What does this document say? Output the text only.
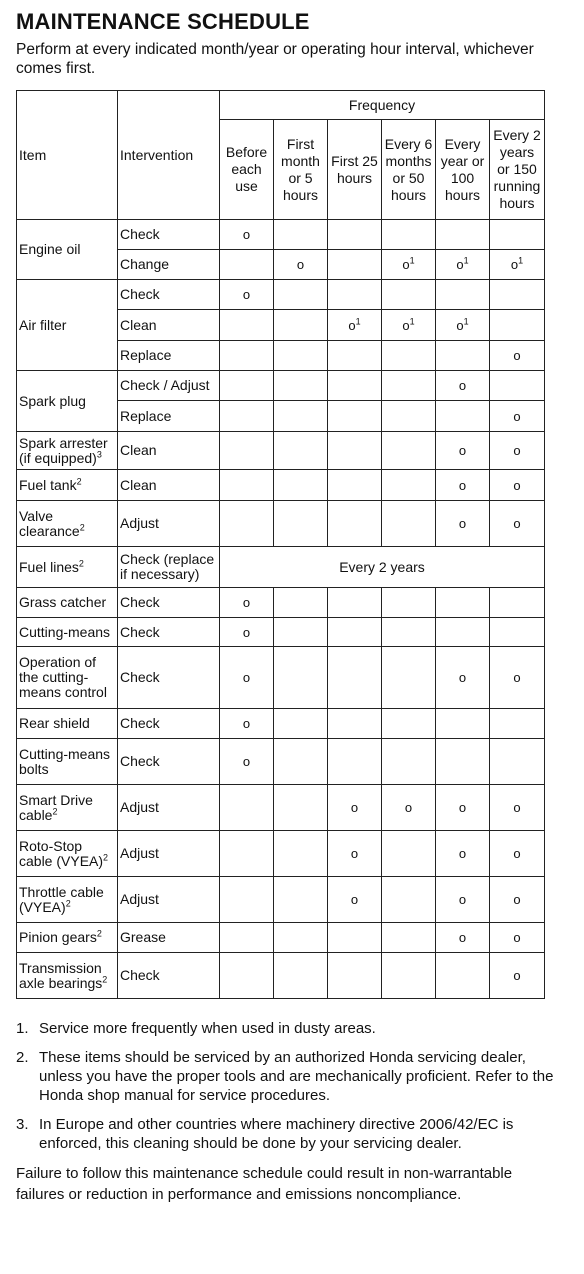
MAINTENANCE SCHEDULE

Perform at every indicated month/year or operating hour interval, whichever comes first.

Item	Intervention	Frequency					
		Before each use	First month or 5 hours	First 25 hours	Every 6 months or 50 hours	Every year or 100 hours	Every 2 years or 150 running hours
Engine oil	Check	o					
	Change		o		$o^1$	$o^1$	$o^1$
Air filter	Check	o					
	Clean			$o^1$	$o^1$	$o^1$	
	Replace						o
Spark plug	Check / Adjust					o	
	Replace						o
Spark arrester (if equipped)$^3$	Clean					o	o
Fuel tank$^2$	Clean					o	o
Valve clearance$^2$	Adjust					o	o
Fuel lines$^2$	Check (replace if necessary)	Every 2 years					
Grass catcher	Check	o					
Cutting-means	Check	o					
Operation of the cutting-means control	Check	o				o	o
Rear shield	Check	o					
Cutting-means bolts	Check	o					
Smart Drive cable$^2$	Adjust			o	o	o	o
Roto-Stop cable (VYEA)$^2$	Adjust			o		o	o
Throttle cable (VYEA)$^2$	Adjust			o		o	o
Pinion gears$^2$	Grease					o	o
Transmission axle bearings$^2$	Check						o
1. Service more frequently when used in dusty areas.
2. These items should be serviced by an authorized Honda servicing dealer, unless you have the proper tools and are mechanically proficient. Refer to the Honda shop manual for service procedures.
3. In Europe and other countries where machinery directive 2006/42/EC is enforced, this cleaning should be done by your servicing dealer.

Failure to follow this maintenance schedule could result in non-warrantable failures or reduction in performance and emissions noncompliance.
